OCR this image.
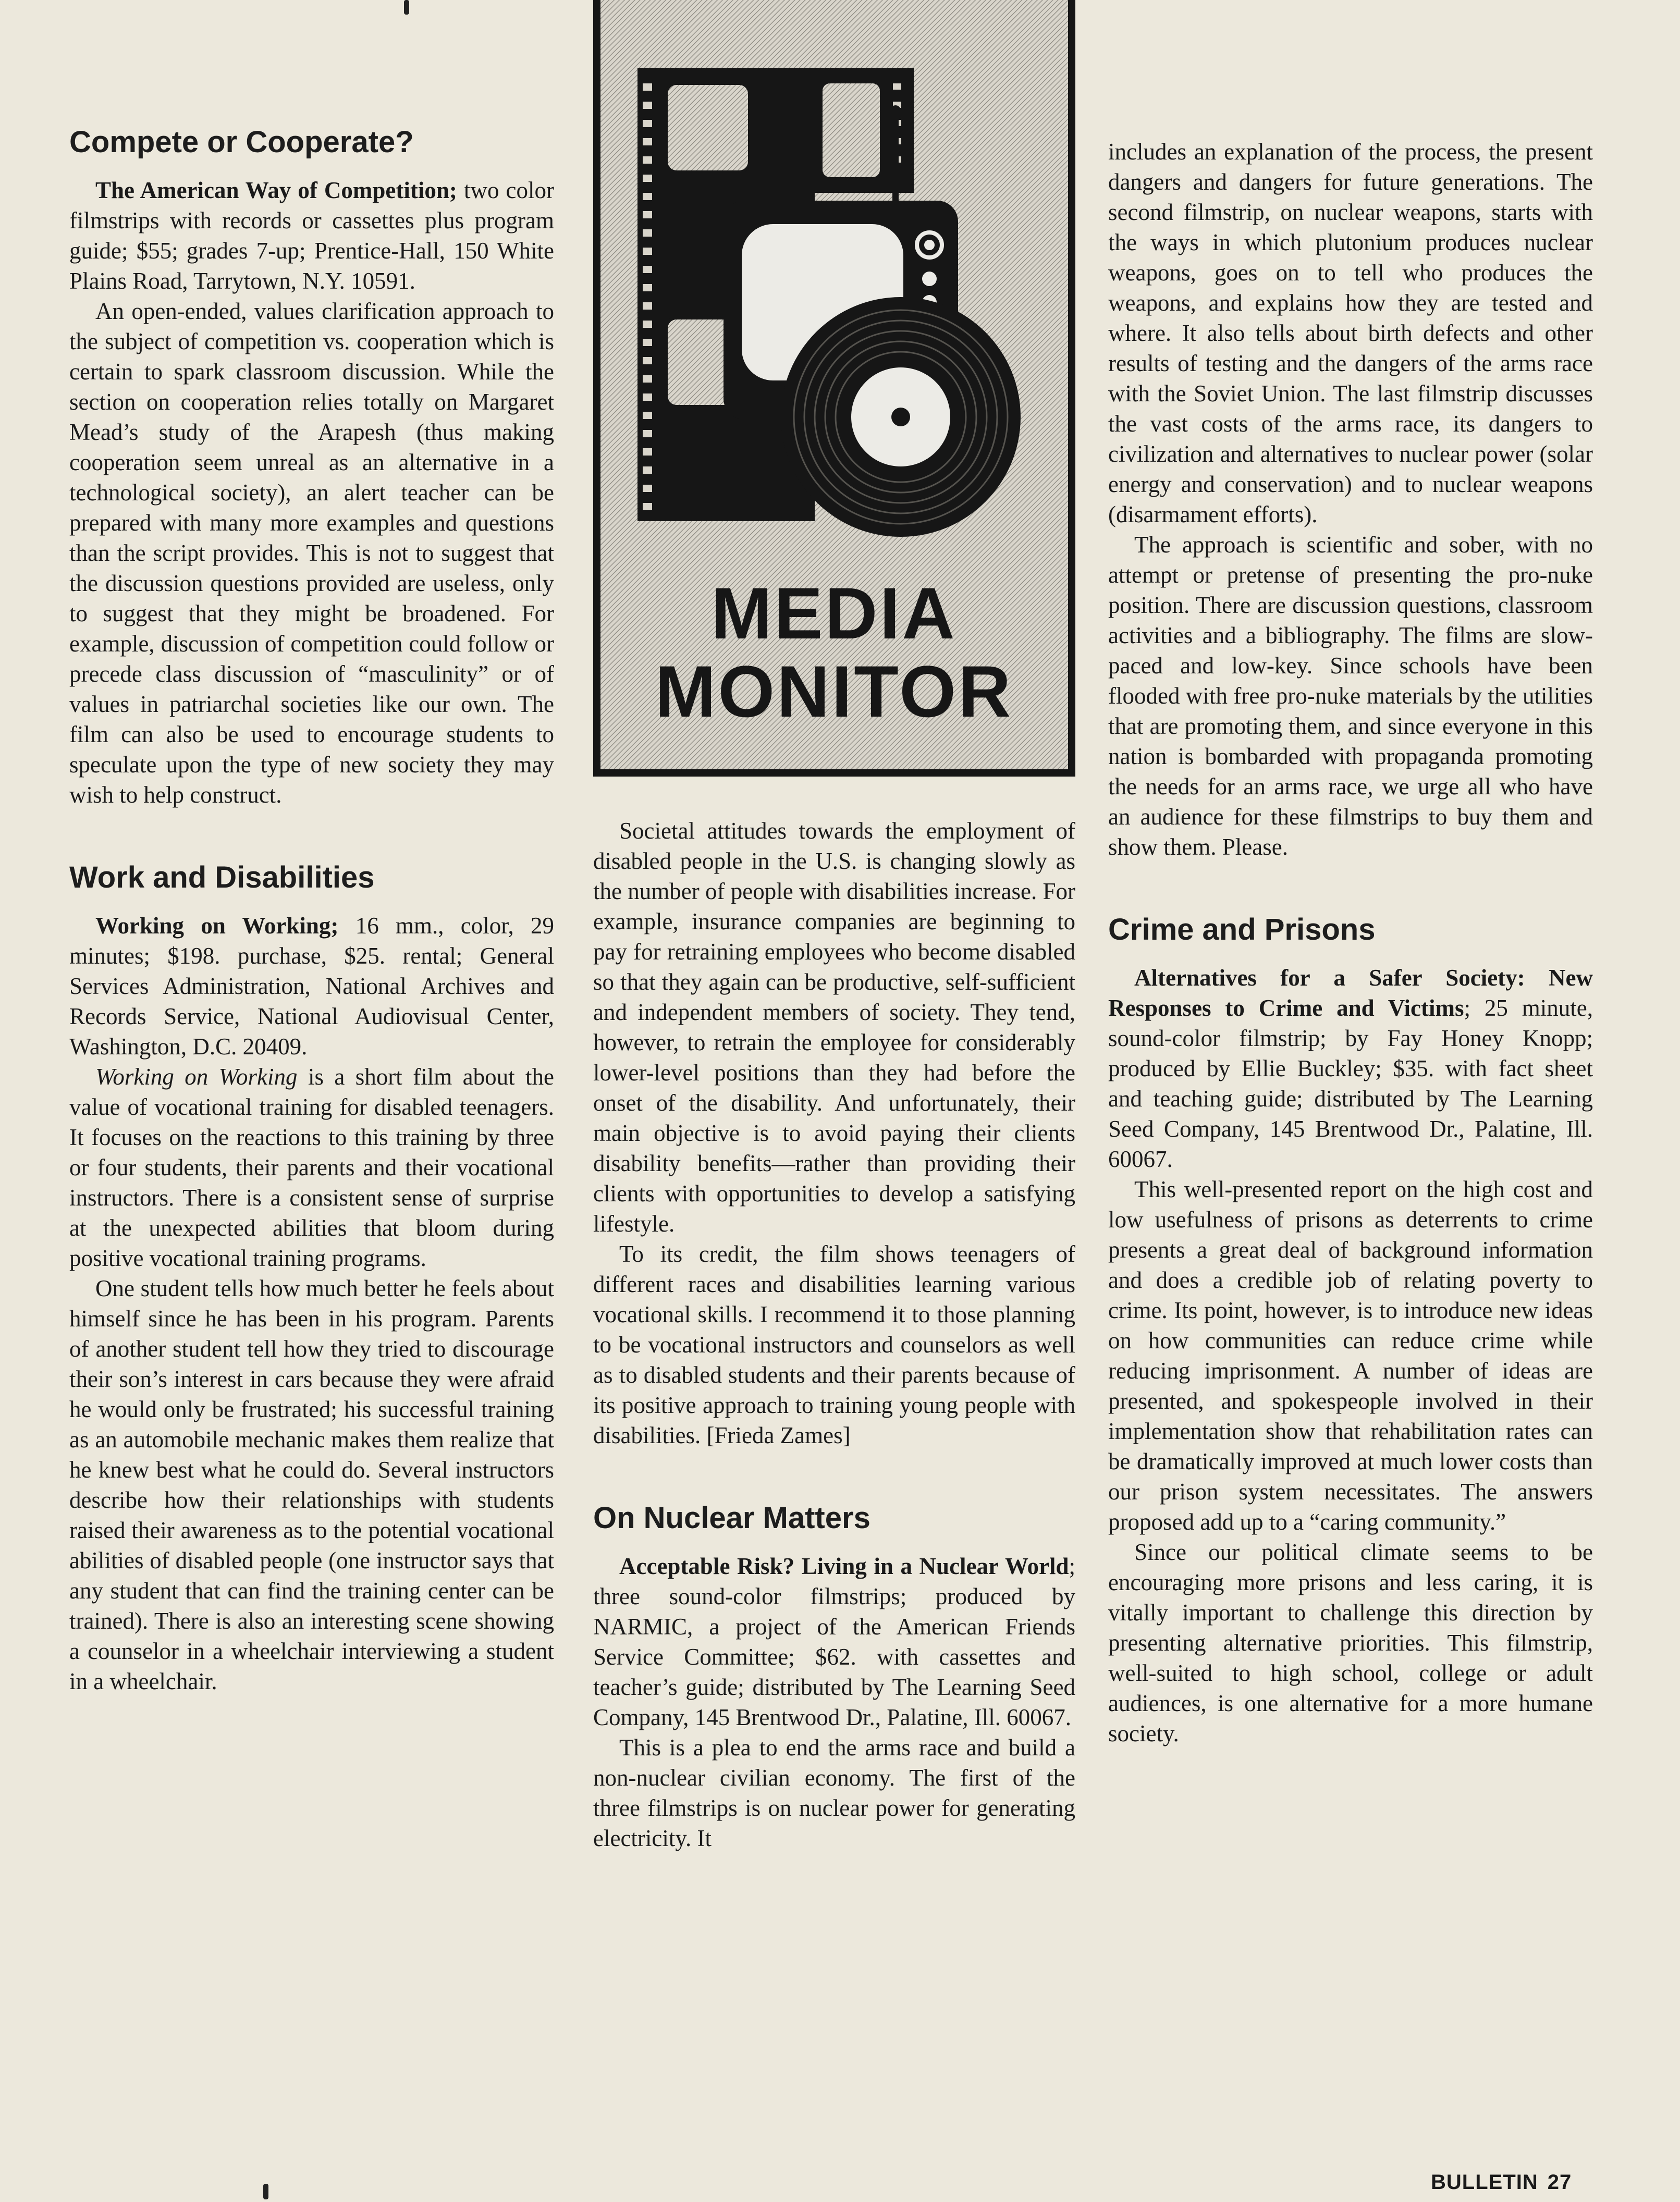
Compete or Cooperate?

The American Way of Competition; two color filmstrips with records or cassettes plus program guide; $55; grades 7-up; Prentice-Hall, 150 White Plains Road, Tarrytown, N.Y. 10591.

An open-ended, values clarification approach to the subject of competition vs. cooperation which is certain to spark classroom discussion. While the section on cooperation relies totally on Margaret Mead’s study of the Arapesh (thus making cooperation seem unreal as an alternative in a technological society), an alert teacher can be prepared with many more examples and questions than the script provides. This is not to suggest that the discussion questions provided are useless, only to suggest that they might be broadened. For example, discussion of competition could follow or precede class discussion of “masculinity” or of values in patriarchal societies like our own. The film can also be used to encourage students to speculate upon the type of new society they may wish to help construct.

Work and Disabilities

Working on Working; 16 mm., color, 29 minutes; $198. purchase, $25. rental; General Services Administration, National Archives and Records Service, National Audiovisual Center, Washington, D.C. 20409.

Working on Working is a short film about the value of vocational training for disabled teenagers. It focuses on the reactions to this training by three or four students, their parents and their vocational instructors. There is a consistent sense of surprise at the unexpected abilities that bloom during positive vocational training programs.

One student tells how much better he feels about himself since he has been in his program. Parents of another student tell how they tried to discourage their son’s interest in cars because they were afraid he would only be frustrated; his successful training as an automobile mechanic makes them realize that he knew best what he could do. Several instructors describe how their relationships with students raised their awareness as to the potential vocational abilities of disabled people (one instructor says that any student that can find the training center can be trained). There is also an interesting scene showing a counselor in a wheelchair interviewing a student in a wheelchair.

MEDIA
MONITOR

Societal attitudes towards the employment of disabled people in the U.S. is changing slowly as the number of people with disabilities increase. For example, insurance companies are beginning to pay for retraining employees who become disabled so that they again can be productive, self-sufficient and independent members of society. They tend, however, to retrain the employee for considerably lower-level positions than they had before the onset of the disability. And unfortunately, their main objective is to avoid paying their clients disability benefits—rather than providing their clients with opportunities to develop a satisfying lifestyle.

To its credit, the film shows teenagers of different races and disabilities learning various vocational skills. I recommend it to those planning to be vocational instructors and counselors as well as to disabled students and their parents because of its positive approach to training young people with disabilities. [Frieda Zames]

On Nuclear Matters

Acceptable Risk? Living in a Nuclear World; three sound-color filmstrips; produced by NARMIC, a project of the American Friends Service Committee; $62. with cassettes and teacher’s guide; distributed by The Learning Seed Company, 145 Brentwood Dr., Palatine, Ill. 60067.

This is a plea to end the arms race and build a non-nuclear civilian economy. The first of the three filmstrips is on nuclear power for generating electricity. It

includes an explanation of the process, the present dangers and dangers for future generations. The second filmstrip, on nuclear weapons, starts with the ways in which plutonium produces nuclear weapons, goes on to tell who produces the weapons, and explains how they are tested and where. It also tells about birth defects and other results of testing and the dangers of the arms race with the Soviet Union. The last filmstrip discusses the vast costs of the arms race, its dangers to civilization and alternatives to nuclear power (solar energy and conservation) and to nuclear weapons (disarmament efforts).

The approach is scientific and sober, with no attempt or pretense of presenting the pro-nuke position. There are discussion questions, classroom activities and a bibliography. The films are slow-paced and low-key. Since schools have been flooded with free pro-nuke materials by the utilities that are promoting them, and since everyone in this nation is bombarded with propaganda promoting the needs for an arms race, we urge all who have an audience for these filmstrips to buy them and show them. Please.

Crime and Prisons

Alternatives for a Safer Society: New Responses to Crime and Victims; 25 minute, sound-color filmstrip; by Fay Honey Knopp; produced by Ellie Buckley; $35. with fact sheet and teaching guide; distributed by The Learning Seed Company, 145 Brentwood Dr., Palatine, Ill. 60067.

This well-presented report on the high cost and low usefulness of prisons as deterrents to crime presents a great deal of background information and does a credible job of relating poverty to crime. Its point, however, is to introduce new ideas on how communities can reduce crime while reducing imprisonment. A number of ideas are presented, and spokespeople involved in their implementation show that rehabilitation rates can be dramatically improved at much lower costs than our prison system necessitates. The answers proposed add up to a “caring community.”

Since our political climate seems to be encouraging more prisons and less caring, it is vitally important to challenge this direction by presenting alternative priorities. This filmstrip, well-suited to high school, college or adult audiences, is one alternative for a more humane society.

BULLETIN 27
